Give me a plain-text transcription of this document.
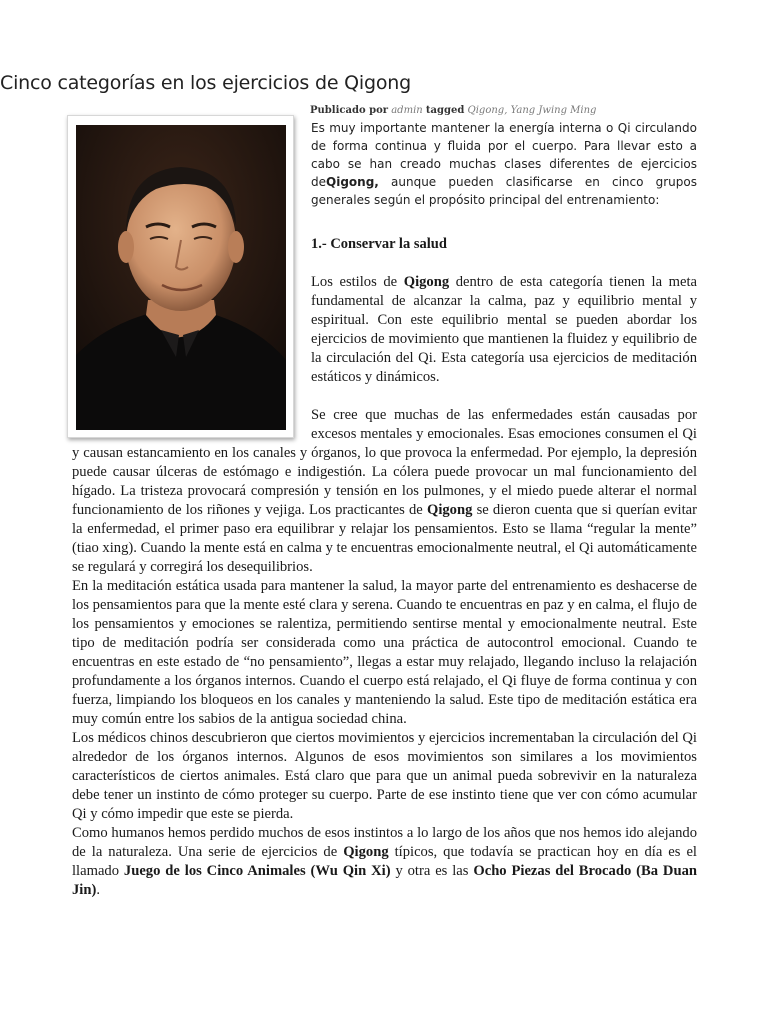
Cinco categorías en los ejercicios de Qigong
Publicado por admin tagged Qigong, Yang Jwing Ming

Es muy importante mantener la energía interna o Qi circulando de forma continua y fluida por el cuerpo. Para llevar esto a cabo se han creado muchas clases diferentes de ejercicios deQigong, aunque pueden clasificarse en cinco grupos generales según el propósito principal del entrenamiento:

1.- Conservar la salud

Los estilos de Qigong dentro de esta categoría tienen la meta fundamental de alcanzar la calma, paz y equilibrio mental y espiritual. Con este equilibrio mental se pueden abordar los ejercicios de movimiento que mantienen la fluidez y equilibrio de la circulación del Qi. Esta categoría usa ejercicios de meditación estáticos y dinámicos.

Se cree que muchas de las enfermedades están causadas por excesos mentales y emocionales. Esas emociones consumen el Qi y causan estancamiento en los canales y órganos, lo que provoca la enfermedad. Por ejemplo, la depresión puede causar úlceras de estómago e indigestión. La cólera puede provocar un mal funcionamiento del hígado. La tristeza provocará compresión y tensión en los pulmones, y el miedo puede alterar el normal funcionamiento de los riñones y vejiga. Los practicantes de Qigong se dieron cuenta que si querían evitar la enfermedad, el primer paso era equilibrar y relajar los pensamientos. Esto se llama “regular la mente” (tiao xing). Cuando la mente está en calma y te encuentras emocionalmente neutral, el Qi automáticamente se regulará y corregirá los desequilibrios.

En la meditación estática usada para mantener la salud, la mayor parte del entrenamiento es deshacerse de los pensamientos para que la mente esté clara y serena. Cuando te encuentras en paz y en calma, el flujo de los pensamientos y emociones se ralentiza, permitiendo sentirse mental y emocionalmente neutral. Este tipo de meditación podría ser considerada como una práctica de autocontrol emocional. Cuando te encuentras en este estado de “no pensamiento”, llegas a estar muy relajado, llegando incluso la relajación profundamente a los órganos internos. Cuando el cuerpo está relajado, el Qi fluye de forma continua y con fuerza, limpiando los bloqueos en los canales y manteniendo la salud. Este tipo de meditación estática era muy común entre los sabios de la antigua sociedad china.

Los médicos chinos descubrieron que ciertos movimientos y ejercicios incrementaban la circulación del Qi alrededor de los órganos internos. Algunos de esos movimientos son similares a los movimientos característicos de ciertos animales. Está claro que para que un animal pueda sobrevivir en la naturaleza debe tener un instinto de cómo proteger su cuerpo. Parte de ese instinto tiene que ver con cómo acumular Qi y cómo impedir que este se pierda.

Como humanos hemos perdido muchos de esos instintos a lo largo de los años que nos hemos ido alejando de la naturaleza. Una serie de ejercicios de Qigong típicos, que todavía se practican hoy en día es el llamado Juego de los Cinco Animales (Wu Qin Xi) y otra es las Ocho Piezas del Brocado (Ba Duan Jin).
